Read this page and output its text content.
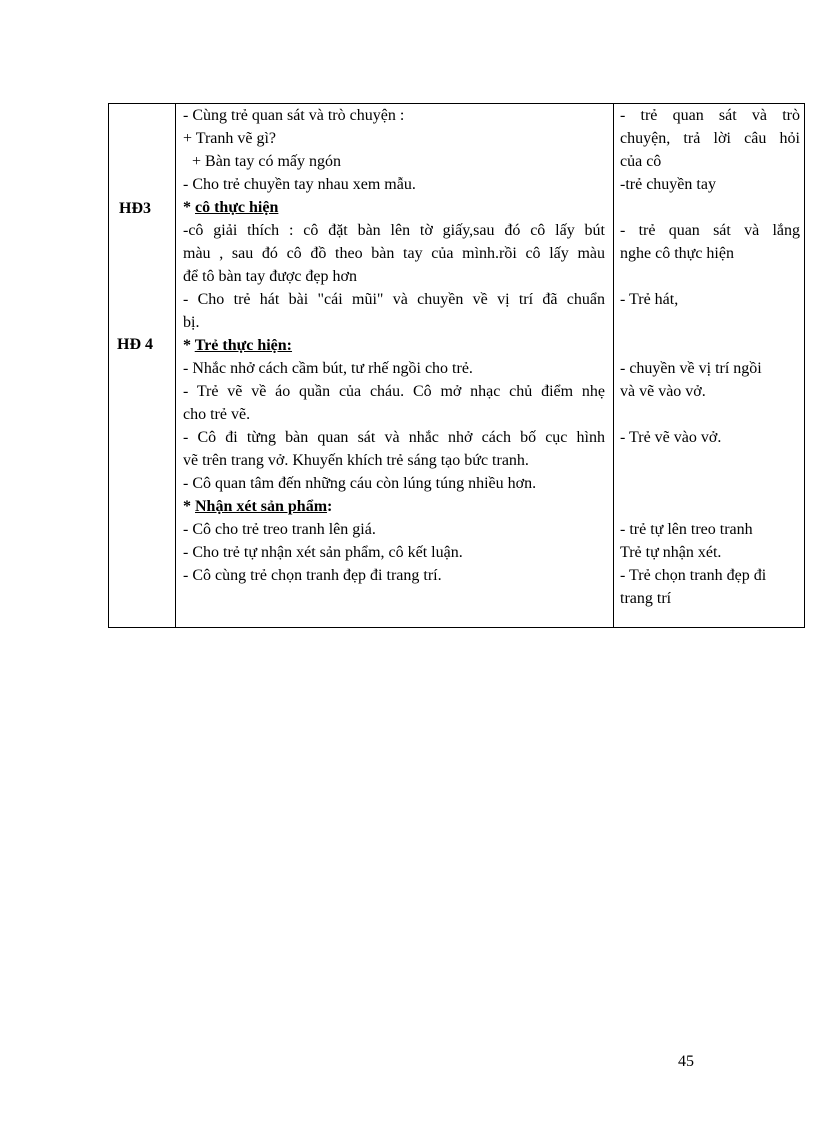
HĐ3
HĐ 4
- Cùng trẻ quan sát và trò chuyện :
+ Tranh vẽ gì?
+ Bàn tay có mấy ngón
- Cho trẻ chuyền tay nhau xem mẫu.
* cô thực hiện
-cô giải thích : cô đặt bàn lên tờ giấy,sau đó cô lấy bút
màu , sau đó cô đồ theo bàn tay của mình.rồi cô lấy màu
để tô bàn tay được đẹp hơn
- Cho trẻ hát bài "cái mũi" và chuyền về vị trí đã chuẩn
bị.
* Trẻ thực hiện:
- Nhắc nhở cách cầm bút, tư rhế ngồi cho trẻ.
- Trẻ vẽ về áo quần của cháu. Cô mở nhạc chủ điểm nhẹ
cho trẻ vẽ.
- Cô đi từng bàn quan sát và nhắc nhở cách bố cục hình
vẽ trên trang vở. Khuyến khích trẻ sáng tạo bức tranh.
- Cô quan tâm đến những cáu còn lúng túng nhiều hơn.
* Nhận xét sản phẩm:
- Cô cho trẻ treo tranh lên giá.
- Cho trẻ tự nhận xét sản phẩm, cô kết luận.
- Cô cùng trẻ chọn tranh đẹp đi trang trí.
- trẻ quan sát và trò
chuyện, trả lời câu hỏi
của cô
-trẻ chuyền tay
- trẻ quan sát và lắng
nghe cô thực hiện
- Trẻ hát,
- chuyền về vị trí ngồi
và vẽ vào vở.
- Trẻ vẽ vào vở.
- trẻ tự lên treo tranh
Trẻ tự nhận xét.
- Trẻ chọn tranh đẹp đi
trang trí
45
